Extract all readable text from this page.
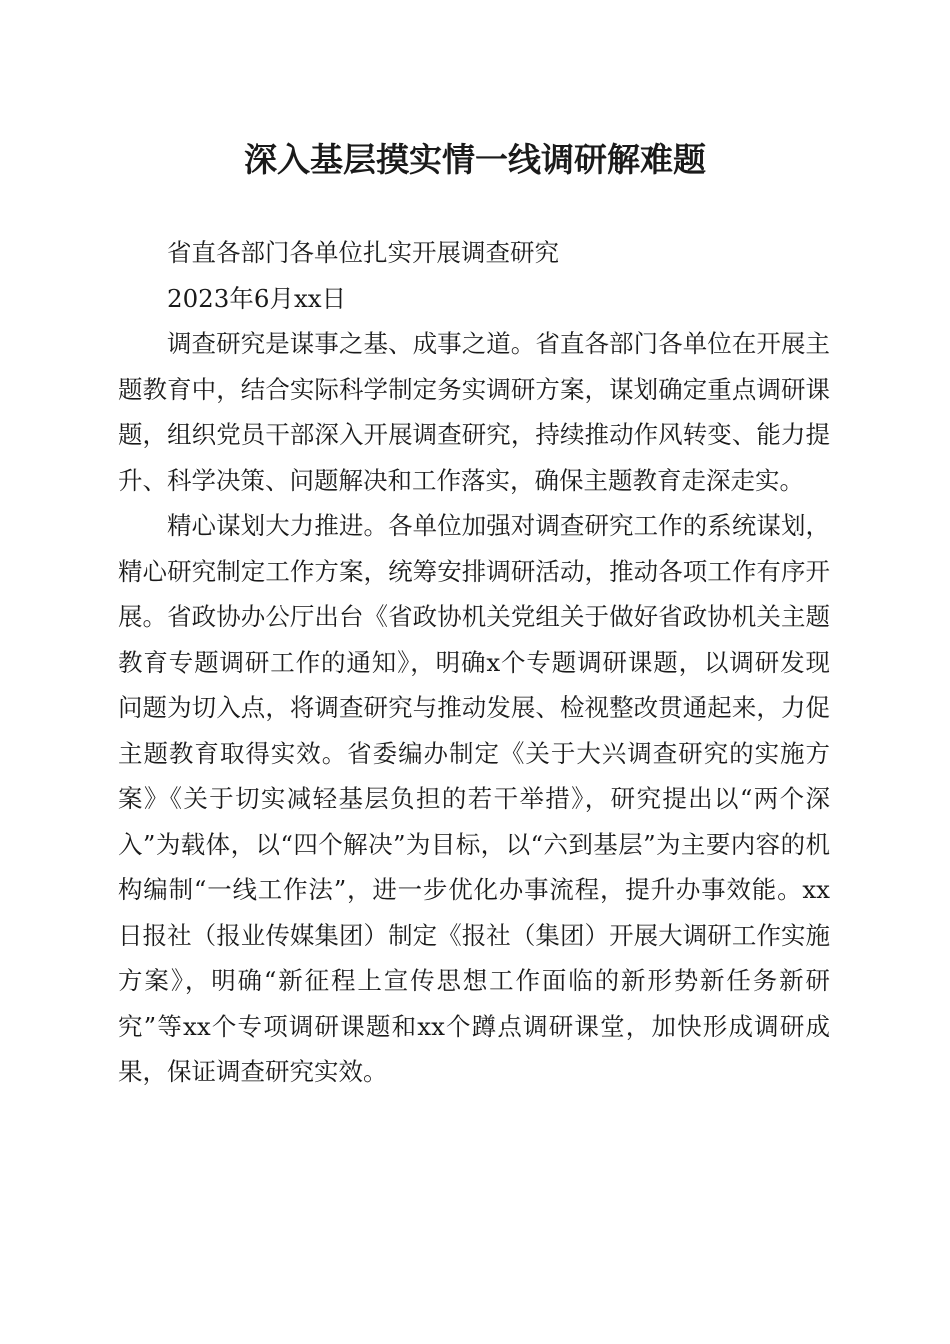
深入基层摸实情一线调研解难题

省直各部门各单位扎实开展调查研究

2023年6月xx日

调查研究是谋事之基、成事之道。省直各部门各单位在开展主题教育中，结合实际科学制定务实调研方案，谋划确定重点调研课题，组织党员干部深入开展调查研究，持续推动作风转变、能力提升、科学决策、问题解决和工作落实，确保主题教育走深走实。

精心谋划大力推进。各单位加强对调查研究工作的系统谋划，精心研究制定工作方案，统筹安排调研活动，推动各项工作有序开展。省政协办公厅出台《省政协机关党组关于做好省政协机关主题教育专题调研工作的通知》，明确x个专题调研课题，以调研发现问题为切入点，将调查研究与推动发展、检视整改贯通起来，力促主题教育取得实效。省委编办制定《关于大兴调查研究的实施方案》《关于切实减轻基层负担的若干举措》，研究提出以“两个深入”为载体，以“四个解决”为目标，以“六到基层”为主要内容的机构编制“一线工作法”，进一步优化办事流程，提升办事效能。xx日报社（报业传媒集团）制定《报社（集团）开展大调研工作实施方案》，明确“新征程上宣传思想工作面临的新形势新任务新研究”等xx个专项调研课题和xx个蹲点调研课堂，加快形成调研成果，保证调查研究实效。
